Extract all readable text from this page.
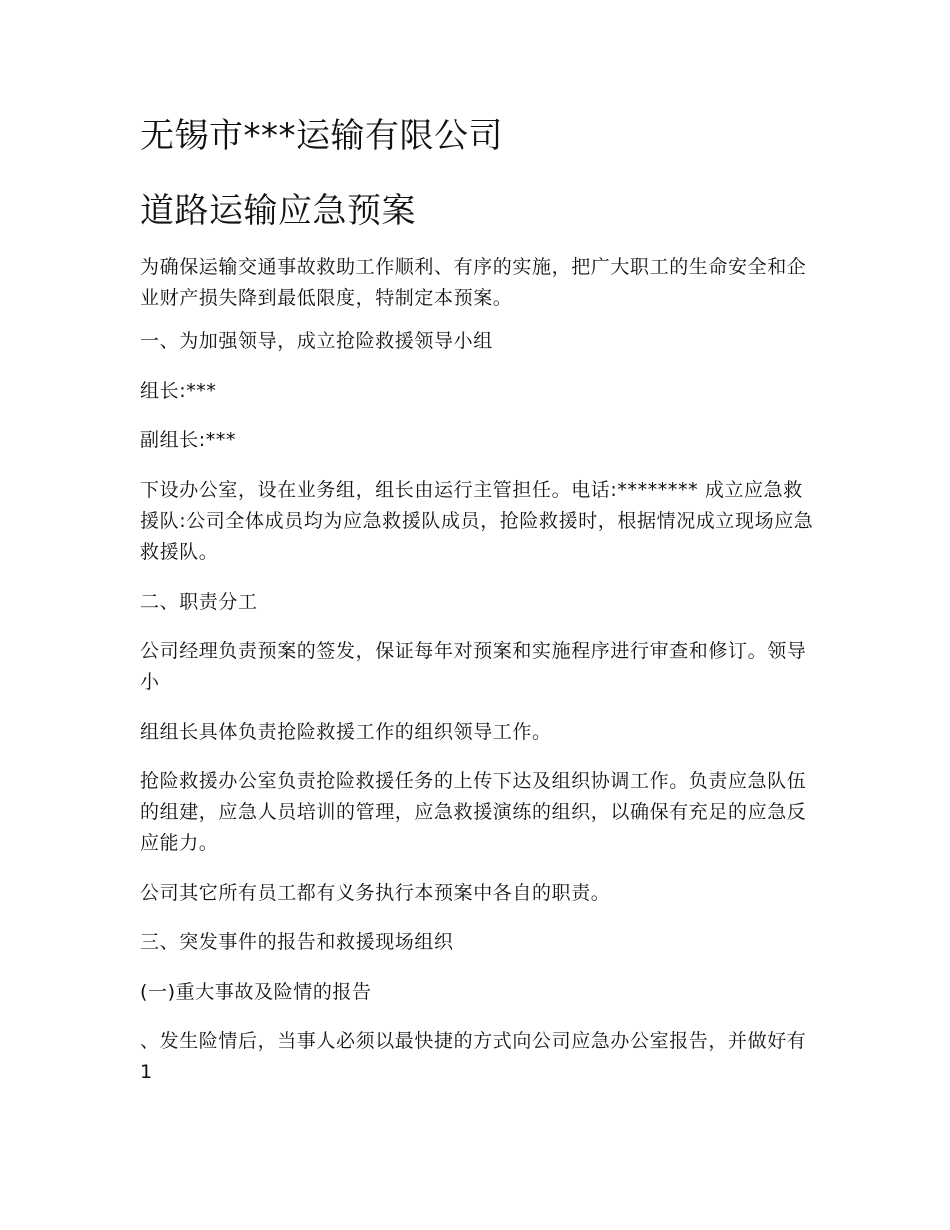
无锡市***运输有限公司
道路运输应急预案

为确保运输交通事故救助工作顺利、有序的实施，把广大职工的生命安全和企业财产损失降到最低限度，特制定本预案。

一、为加强领导，成立抢险救援领导小组

组长:***

副组长:***

下设办公室，设在业务组，组长由运行主管担任。电话:******** 成立应急救援队:公司全体成员均为应急救援队成员，抢险救援时，根据情况成立现场应急救援队。

二、职责分工

公司经理负责预案的签发，保证每年对预案和实施程序进行审查和修订。领导小

组组长具体负责抢险救援工作的组织领导工作。

抢险救援办公室负责抢险救援任务的上传下达及组织协调工作。负责应急队伍的组建，应急人员培训的管理，应急救援演练的组织，以确保有充足的应急反应能力。

公司其它所有员工都有义务执行本预案中各自的职责。

三、突发事件的报告和救援现场组织

(一)重大事故及险情的报告

、发生险情后，当事人必须以最快捷的方式向公司应急办公室报告，并做好有 1
